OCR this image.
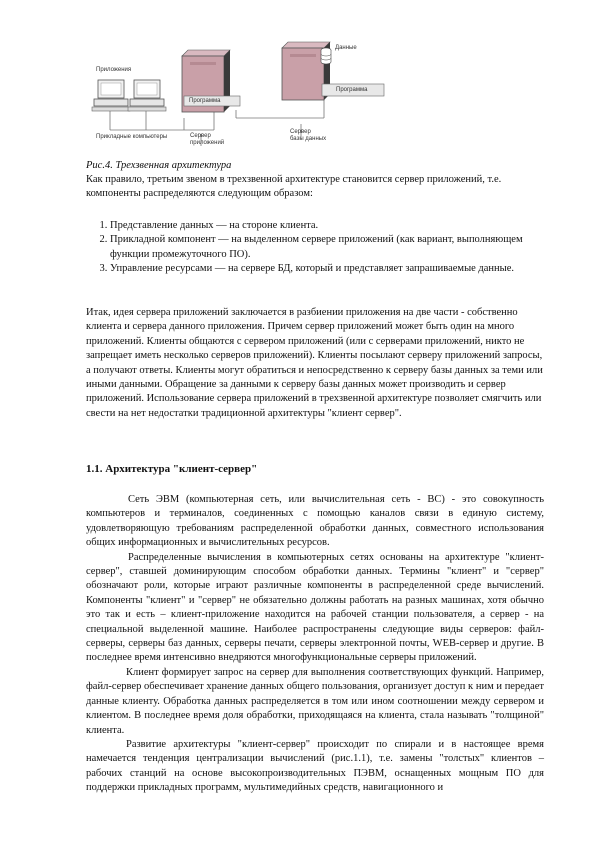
Приложения
Данные
Программа
Программа
Прикладные компьютеры	Сервер
приложений
Сервер
базы данных
Рис.4. Трехзвенная архитектура
Как правило, третьим звеном в трехзвенной архитектуре становится сервер приложений, т.е. компоненты распределяются следующим образом:
1. Представление данных — на стороне клиента.
2. Прикладной компонент — на выделенном сервере приложений (как вариант, выполняющем функции промежуточного ПО).
3. Управление ресурсами — на сервере БД, который и представляет запрашиваемые данные.
Итак, идея сервера приложений заключается в разбиении приложения на две части - собственно клиента и сервера данного приложения. Причем сервер приложений может быть один на много приложений. Клиенты общаются с сервером приложений (или с серверами приложений, никто не запрещает иметь несколько серверов приложений). Клиенты посылают серверу приложений запросы, а получают ответы. Клиенты могут обратиться и непосредственно к серверу базы данных за теми или иными данными. Обращение за данными к серверу базы данных может производить и сервер приложений. Использование сервера приложений в трехзвенной архитектуре позволяет смягчить или свести на нет недостатки традиционной архитектуры "клиент сервер".
1.1. Архитектура "клиент-сервер"

Сеть ЭВМ (компьютерная сеть, или вычислительная сеть - ВС) - это совокупность компьютеров и терминалов, соединенных с помощью каналов связи в единую систему, удовлетворяющую требованиям распределенной обработки данных, совместного использования общих информационных и вычислительных ресурсов.

Распределенные вычисления в компьютерных сетях основаны на архитектуре "клиент-сервер", ставшей доминирующим способом обработки данных. Термины "клиент" и "сервер" обозначают роли, которые играют различные компоненты в распределенной среде вычислений. Компоненты "клиент" и "сервер" не обязательно должны работать на разных машинах, хотя обычно это так и есть – клиент-приложение находится на рабочей станции пользователя, а сервер - на специальной выделенной машине. Наиболее распространены следующие виды серверов: файл-серверы, серверы баз данных, серверы печати, серверы электронной почты, WEB-сервер и другие. В последнее время интенсивно внедряются многофункциональные серверы приложений.

Клиент формирует запрос на сервер для выполнения соответствующих функций. Например, файл-сервер обеспечивает хранение данных общего пользования, организует доступ к ним и передает данные клиенту. Обработка данных распределяется в том или ином соотношении между сервером и клиентом. В последнее время доля обработки, приходящаяся на клиента, стала называть "толщиной" клиента.

Развитие архитектуры "клиент-сервер" происходит по спирали и в настоящее время намечается тенденция централизации вычислений (рис.1.1), т.е. замены "толстых" клиентов – рабочих станций на основе высокопроизводительных ПЭВМ, оснащенных мощным ПО для поддержки прикладных программ, мультимедийных средств, навигационного и
